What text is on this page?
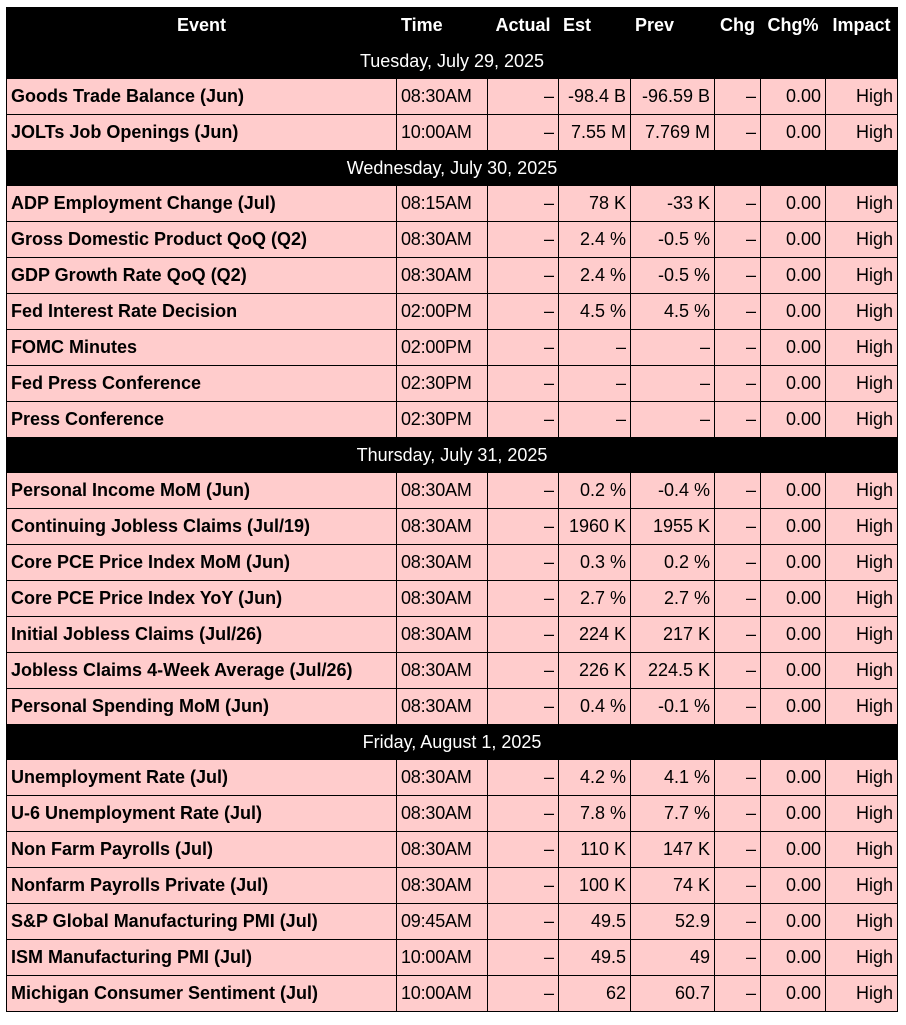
Event	Time	Actual	Est	Prev	Chg	Chg%	Impact
Tuesday, July 29, 2025							
Goods Trade Balance (Jun)	08:30AM	–	-98.4 B	-96.59 B	–	0.00	High
JOLTs Job Openings (Jun)	10:00AM	–	7.55 M	7.769 M	–	0.00	High
Wednesday, July 30, 2025							
ADP Employment Change (Jul)	08:15AM	–	78 K	-33 K	–	0.00	High
Gross Domestic Product QoQ (Q2)	08:30AM	–	2.4 %	-0.5 %	–	0.00	High
GDP Growth Rate QoQ (Q2)	08:30AM	–	2.4 %	-0.5 %	–	0.00	High
Fed Interest Rate Decision	02:00PM	–	4.5 %	4.5 %	–	0.00	High
FOMC Minutes	02:00PM	–	–	–	–	0.00	High
Fed Press Conference	02:30PM	–	–	–	–	0.00	High
Press Conference	02:30PM	–	–	–	–	0.00	High
Thursday, July 31, 2025							
Personal Income MoM (Jun)	08:30AM	–	0.2 %	-0.4 %	–	0.00	High
Continuing Jobless Claims (Jul/19)	08:30AM	–	1960 K	1955 K	–	0.00	High
Core PCE Price Index MoM (Jun)	08:30AM	–	0.3 %	0.2 %	–	0.00	High
Core PCE Price Index YoY (Jun)	08:30AM	–	2.7 %	2.7 %	–	0.00	High
Initial Jobless Claims (Jul/26)	08:30AM	–	224 K	217 K	–	0.00	High
Jobless Claims 4-Week Average (Jul/26)	08:30AM	–	226 K	224.5 K	–	0.00	High
Personal Spending MoM (Jun)	08:30AM	–	0.4 %	-0.1 %	–	0.00	High
Friday, August 1, 2025							
Unemployment Rate (Jul)	08:30AM	–	4.2 %	4.1 %	–	0.00	High
U-6 Unemployment Rate (Jul)	08:30AM	–	7.8 %	7.7 %	–	0.00	High
Non Farm Payrolls (Jul)	08:30AM	–	110 K	147 K	–	0.00	High
Nonfarm Payrolls Private (Jul)	08:30AM	–	100 K	74 K	–	0.00	High
S&P Global Manufacturing PMI (Jul)	09:45AM	–	49.5	52.9	–	0.00	High
ISM Manufacturing PMI (Jul)	10:00AM	–	49.5	49	–	0.00	High
Michigan Consumer Sentiment (Jul)	10:00AM	–	62	60.7	–	0.00	High
